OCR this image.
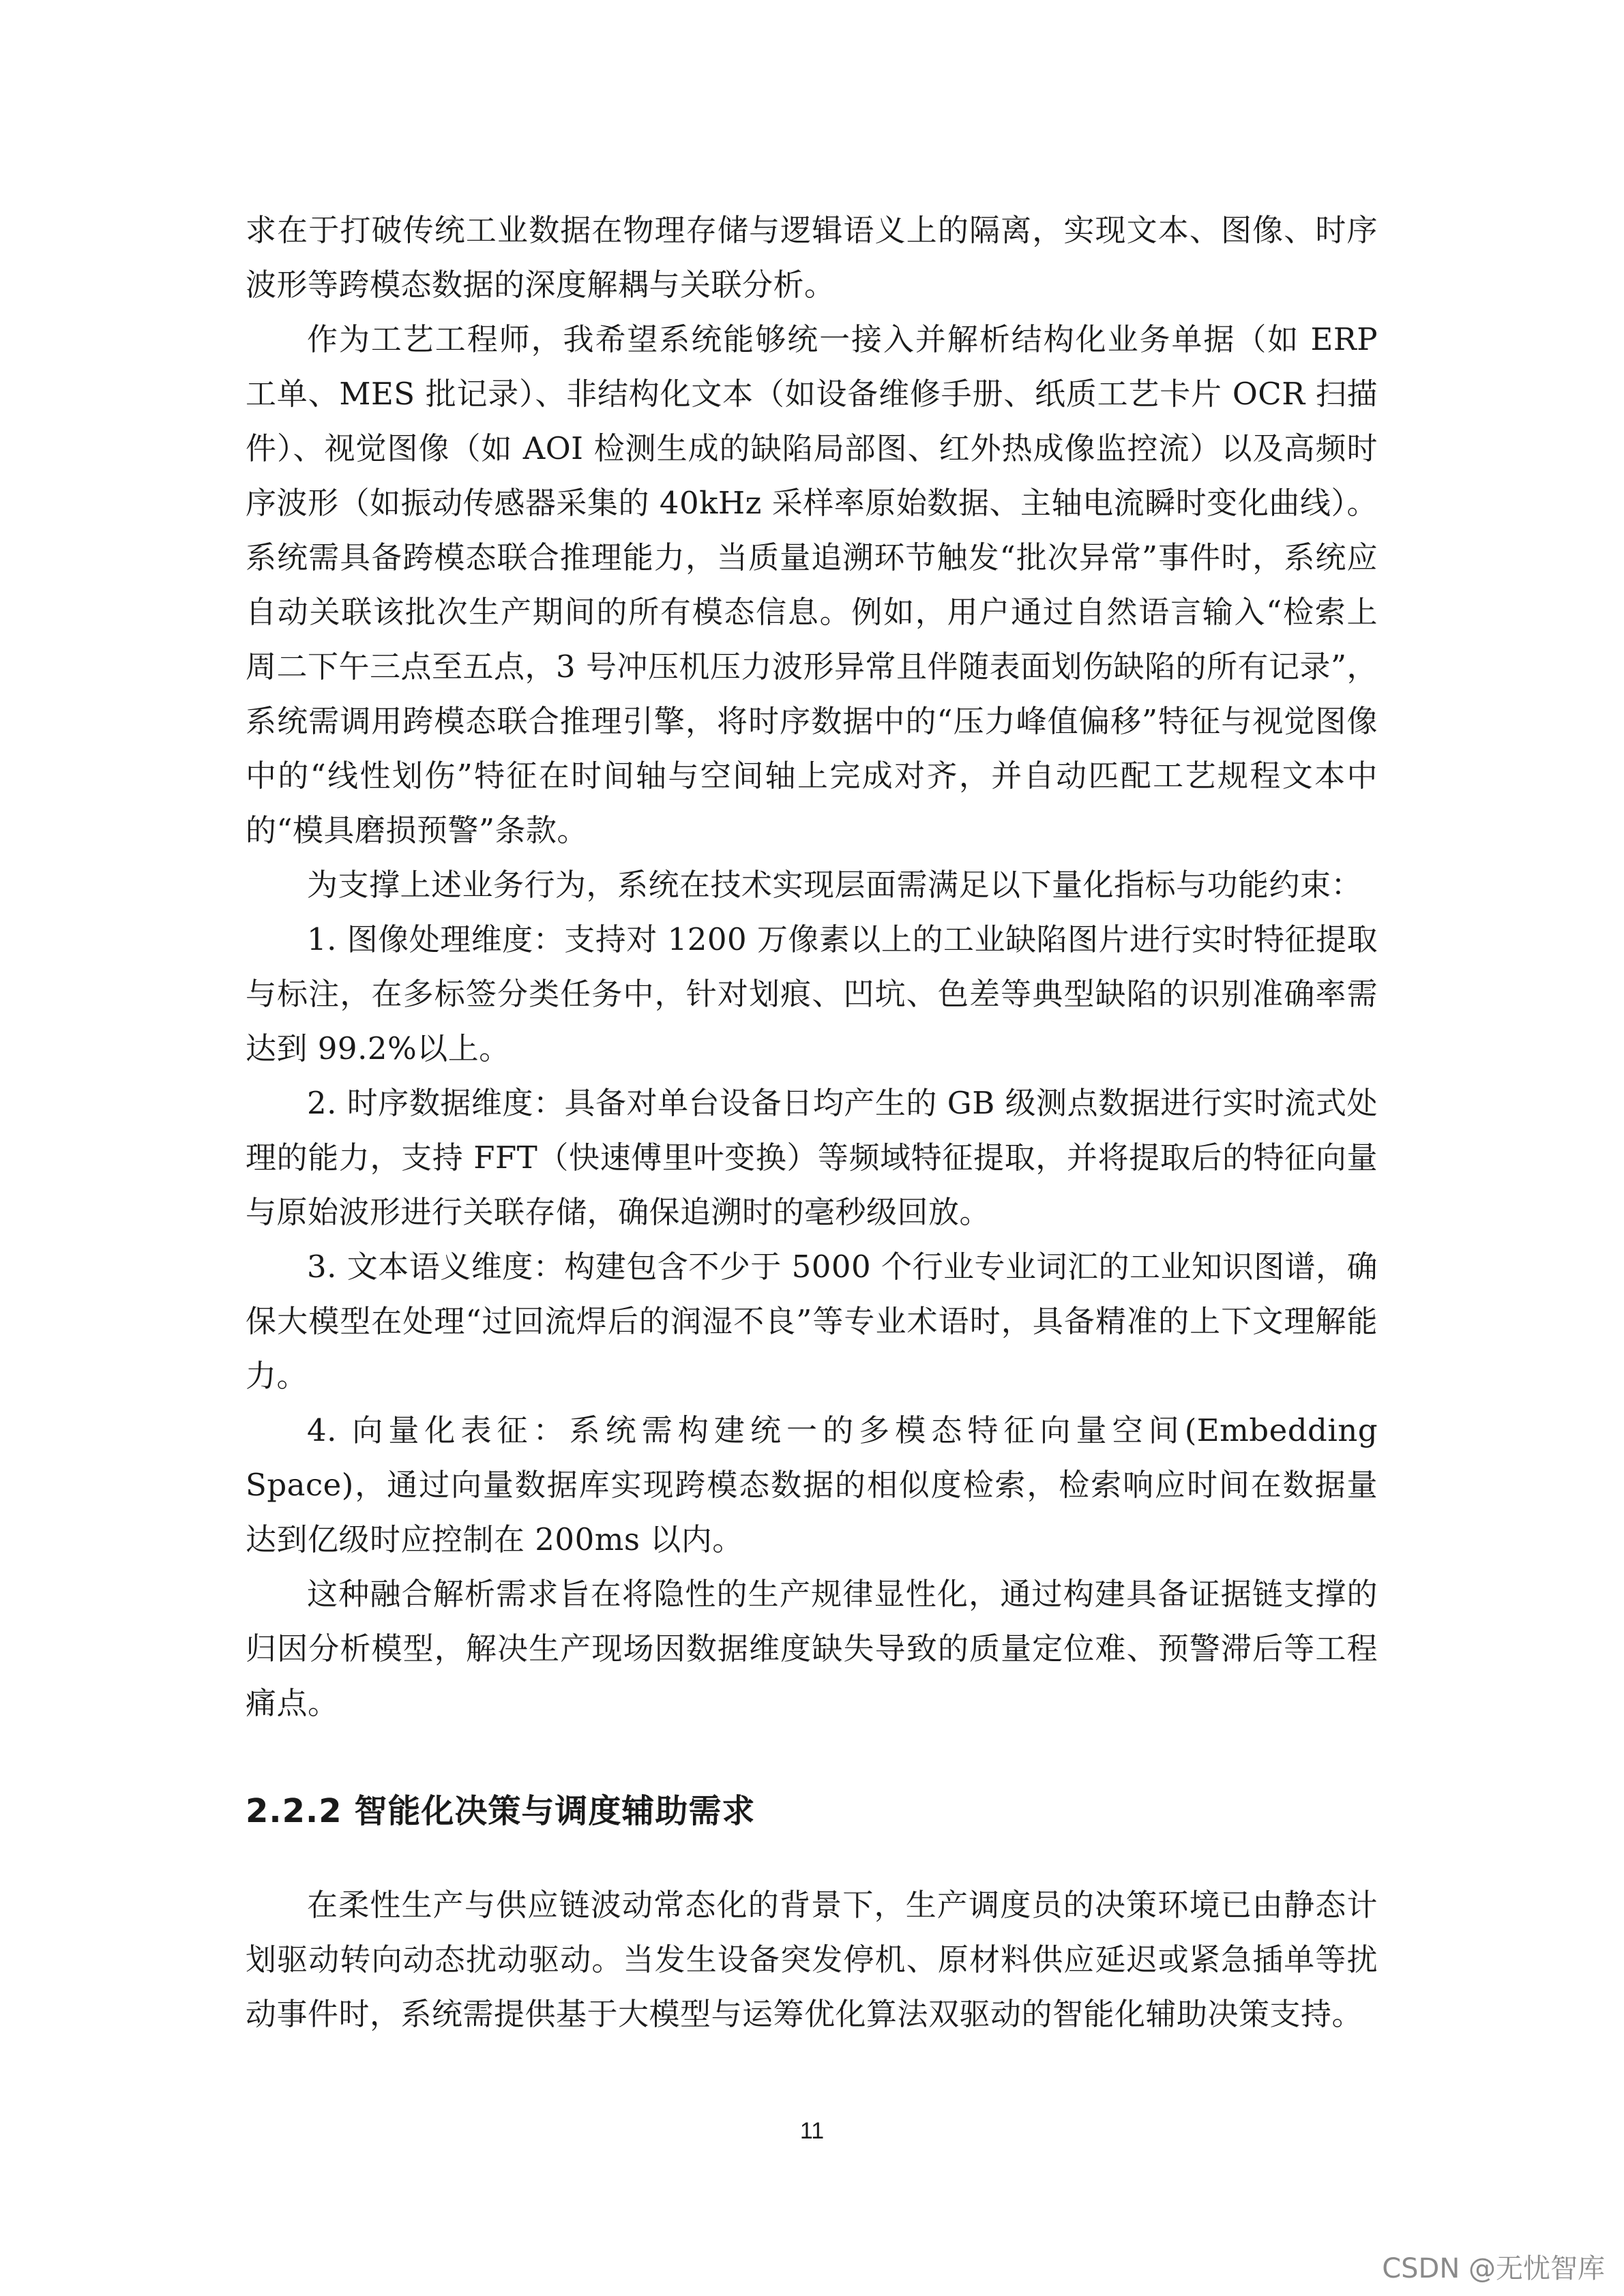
求在于打破传统工业数据在物理存储与逻辑语义上的隔离，实现文本、图像、时序波形等跨模态数据的深度解耦与关联分析。

作为工艺工程师，我希望系统能够统一接入并解析结构化业务单据（如 ERP 工单、MES 批记录）、非结构化文本（如设备维修手册、纸质工艺卡片 OCR 扫描件）、视觉图像（如 AOI 检测生成的缺陷局部图、红外热成像监控流）以及高频时序波形（如振动传感器采集的 40kHz 采样率原始数据、主轴电流瞬时变化曲线）。系统需具备跨模态联合推理能力，当质量追溯环节触发“批次异常”事件时，系统应自动关联该批次生产期间的所有模态信息。例如，用户通过自然语言输入“检索上周二下午三点至五点，3 号冲压机压力波形异常且伴随表面划伤缺陷的所有记录”，系统需调用跨模态联合推理引擎，将时序数据中的“压力峰值偏移”特征与视觉图像中的“线性划伤”特征在时间轴与空间轴上完成对齐，并自动匹配工艺规程文本中的“模具磨损预警”条款。

为支撑上述业务行为，系统在技术实现层面需满足以下量化指标与功能约束：

1. 图像处理维度：支持对 1200 万像素以上的工业缺陷图片进行实时特征提取与标注，在多标签分类任务中，针对划痕、凹坑、色差等典型缺陷的识别准确率需达到 99.2%以上。

2. 时序数据维度：具备对单台设备日均产生的 GB 级测点数据进行实时流式处理的能力，支持 FFT（快速傅里叶变换）等频域特征提取，并将提取后的特征向量与原始波形进行关联存储，确保追溯时的毫秒级回放。

3. 文本语义维度：构建包含不少于 5000 个行业专业词汇的工业知识图谱，确保大模型在处理“过回流焊后的润湿不良”等专业术语时，具备精准的上下文理解能力。

4. 向量化表征：系统需构建统一的多模态特征向量空间(Embedding Space)，通过向量数据库实现跨模态数据的相似度检索，检索响应时间在数据量达到亿级时应控制在 200ms 以内。

这种融合解析需求旨在将隐性的生产规律显性化，通过构建具备证据链支撑的归因分析模型，解决生产现场因数据维度缺失导致的质量定位难、预警滞后等工程痛点。

2.2.2 智能化决策与调度辅助需求

在柔性生产与供应链波动常态化的背景下，生产调度员的决策环境已由静态计划驱动转向动态扰动驱动。当发生设备突发停机、原材料供应延迟或紧急插单等扰动事件时，系统需提供基于大模型与运筹优化算法双驱动的智能化辅助决策支持。

11
CSDN @无忧智库
